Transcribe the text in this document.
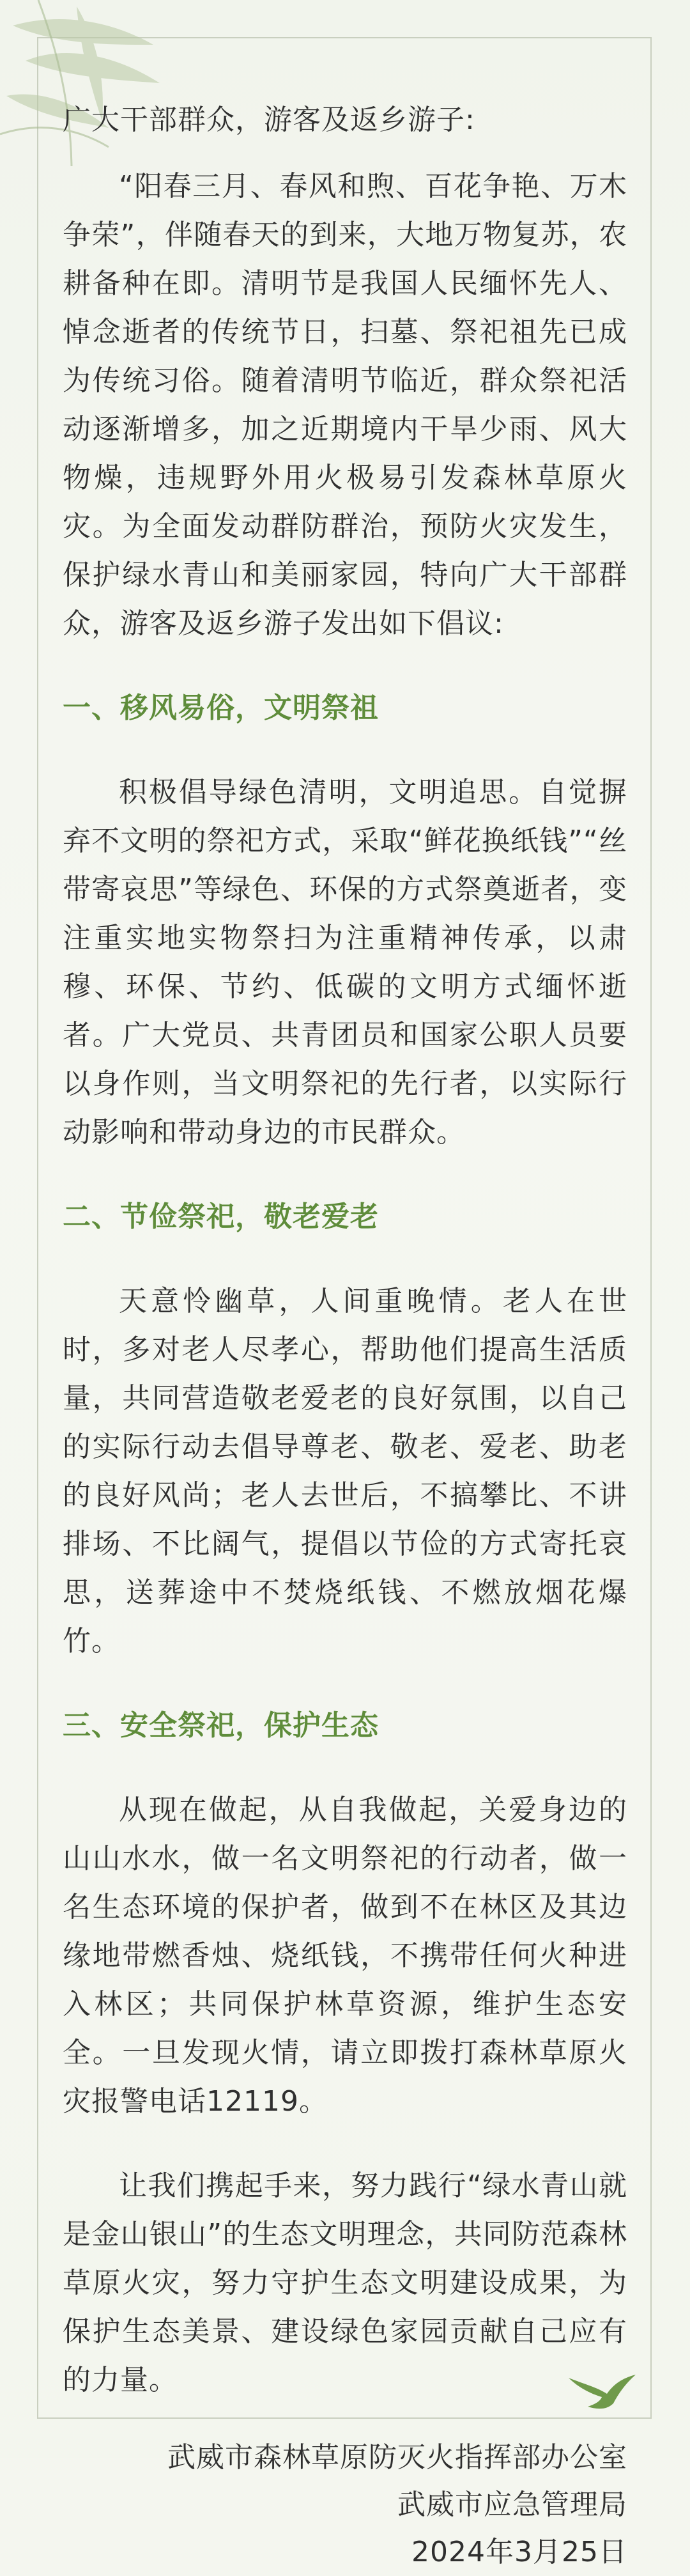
广大干部群众，游客及返乡游子:

“阳春三月、春风和煦、百花争艳、万木争荣”，伴随春天的到来，大地万物复苏，农耕备种在即。清明节是我国人民缅怀先人、悼念逝者的传统节日，扫墓、祭祀祖先已成为传统习俗。随着清明节临近，群众祭祀活动逐渐增多，加之近期境内干旱少雨、风大物燥，违规野外用火极易引发森林草原火灾。为全面发动群防群治，预防火灾发生，保护绿水青山和美丽家园，特向广大干部群众，游客及返乡游子发出如下倡议:

一、移风易俗，文明祭祖

积极倡导绿色清明，文明追思。自觉摒弃不文明的祭祀方式，采取“鲜花换纸钱”“丝带寄哀思”等绿色、环保的方式祭奠逝者，变注重实地实物祭扫为注重精神传承，以肃穆、环保、节约、低碳的文明方式缅怀逝者。广大党员、共青团员和国家公职人员要以身作则，当文明祭祀的先行者，以实际行动影响和带动身边的市民群众。

二、节俭祭祀，敬老爱老

天意怜幽草，人间重晚情。老人在世时，多对老人尽孝心，帮助他们提高生活质量，共同营造敬老爱老的良好氛围，以自己的实际行动去倡导尊老、敬老、爱老、助老的良好风尚；老人去世后，不搞攀比、不讲排场、不比阔气，提倡以节俭的方式寄托哀思，送葬途中不焚烧纸钱、不燃放烟花爆竹。

三、安全祭祀，保护生态

从现在做起，从自我做起，关爱身边的山山水水，做一名文明祭祀的行动者，做一名生态环境的保护者，做到不在林区及其边缘地带燃香烛、烧纸钱，不携带任何火种进入林区；共同保护林草资源，维护生态安全。一旦发现火情，请立即拨打森林草原火灾报警电话12119。

让我们携起手来，努力践行“绿水青山就是金山银山”的生态文明理念，共同防范森林草原火灾，努力守护生态文明建设成果，为保护生态美景、建设绿色家园贡献自己应有的力量。

武威市森林草原防灭火指挥部办公室
武威市应急管理局
2024年3月25日
